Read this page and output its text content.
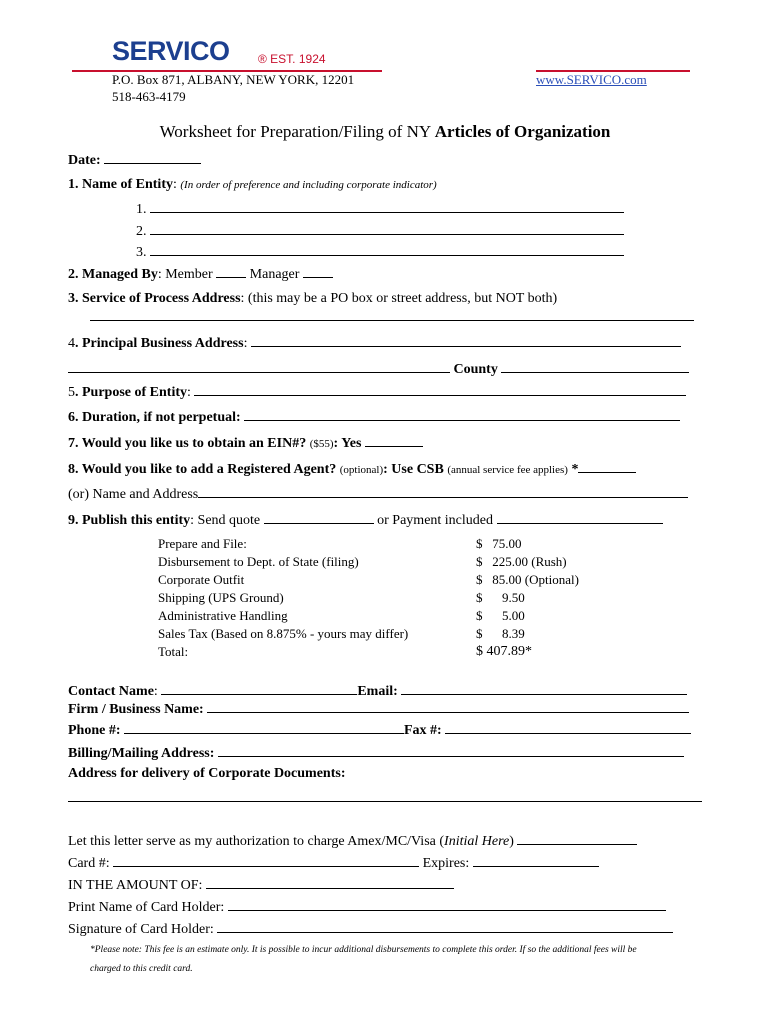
SERVICO ® EST. 1924
P.O. Box 871, ALBANY, NEW YORK, 12201
518-463-4179
www.SERVICO.com
Worksheet for Preparation/Filing of NY Articles of Organization
Date:
1. Name of Entity: (In order of preference and including corporate indicator)
1.
2.
3.
2. Managed By: Member	Manager
3. Service of Process Address: (this may be a PO box or street address, but NOT both)
4. Principal Business Address:
County
5. Purpose of Entity:
6. Duration, if not perpetual:
7. Would you like us to obtain an EIN#? ($55): Yes
8. Would you like to add a Registered Agent? (optional): Use CSB (annual service fee applies) *
(or) Name and Address
9. Publish this entity: Send quote	or Payment included
Prepare and File:	$   75.00
Disbursement to Dept. of State (filing)	$   225.00 (Rush)
Corporate Outfit	$   85.00 (Optional)
Shipping (UPS Ground)	$      9.50
Administrative Handling	$      5.00
Sales Tax (Based on 8.875% - yours may differ)	$      8.39
Total:	$ 407.89*
Contact Name:	Email:
Firm / Business Name:
Phone #:	Fax #:
Billing/Mailing Address:
Address for delivery of Corporate Documents:
Let this letter serve as my authorization to charge Amex/MC/Visa (Initial Here)
Card #:	Expires:
IN THE AMOUNT OF:
Print Name of Card Holder:
Signature of Card Holder:
*Please note: This fee is an estimate only. It is possible to incur additional disbursements to complete this order. If so the additional fees will be
charged to this credit card.
